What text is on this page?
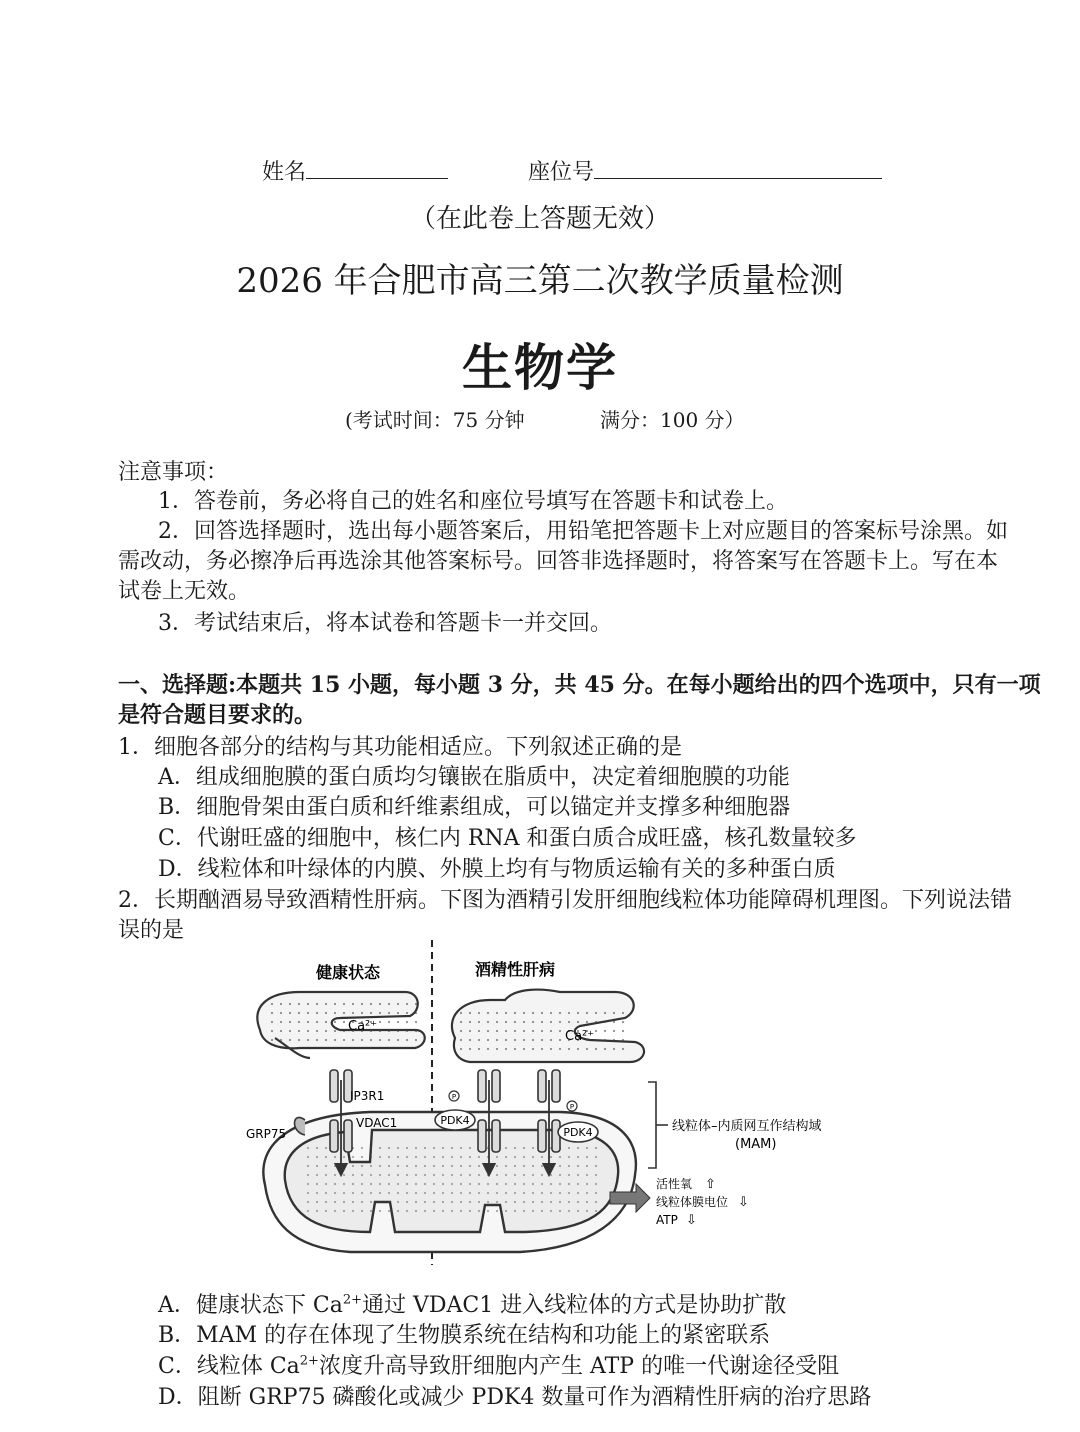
姓名	座位号
（在此卷上答题无效）
2026 年合肥市高三第二次教学质量检测
生物学
(考试时间：75 分钟	满分：100 分）
注意事项：
1．答卷前，务必将自己的姓名和座位号填写在答题卡和试卷上。
2．回答选择题时，选出每小题答案后，用铅笔把答题卡上对应题目的答案标号涂黑。如
需改动，务必擦净后再选涂其他答案标号。回答非选择题时，将答案写在答题卡上。写在本
试卷上无效。
3．考试结束后，将本试卷和答题卡一并交回。
一、选择题:本题共 15 小题，每小题 3 分，共 45 分。在每小题给出的四个选项中，只有一项
是符合题目要求的。
1．细胞各部分的结构与其功能相适应。下列叙述正确的是
A．组成细胞膜的蛋白质均匀镶嵌在脂质中，决定着细胞膜的功能
B．细胞骨架由蛋白质和纤维素组成，可以锚定并支撑多种细胞器
C．代谢旺盛的细胞中，核仁内 RNA 和蛋白质合成旺盛，核孔数量较多
D．线粒体和叶绿体的内膜、外膜上均有与物质运输有关的多种蛋白质
2．长期酗酒易导致酒精性肝病。下图为酒精引发肝细胞线粒体功能障碍机理图。下列说法错
误的是
健康状态	酒精性肝病
Ca²⁺
Ca²⁺
IP3R1
VDAC1
GRP75
PDK4
PDK4
P
P
线粒体–内质网互作结构域
(MAM)
活性氧 ⇧
线粒体膜电位 ⇩
ATP ⇩
A．健康状态下 $Ca^{2+}$通过 VDAC1 进入线粒体的方式是协助扩散
B．MAM 的存在体现了生物膜系统在结构和功能上的紧密联系
C．线粒体 $Ca^{2+}$浓度升高导致肝细胞内产生 ATP 的唯一代谢途径受阻
D．阻断 GRP75 磷酸化或减少 PDK4 数量可作为酒精性肝病的治疗思路
